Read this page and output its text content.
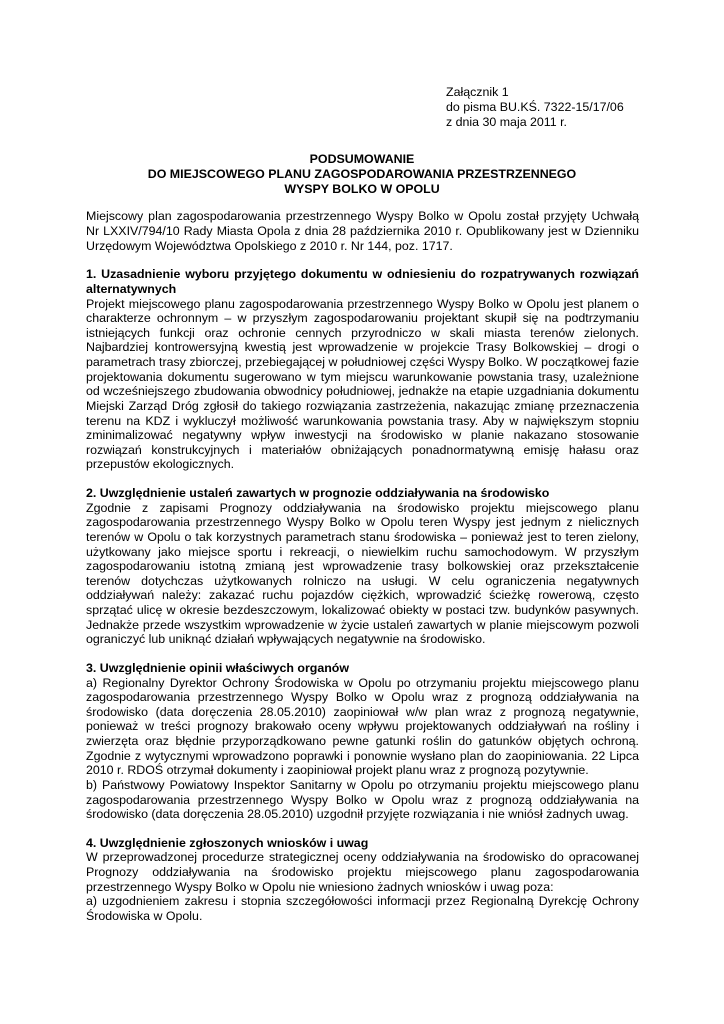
Załącznik 1
do pisma BU.KŚ. 7322-15/17/06
z dnia 30 maja 2011 r.
PODSUMOWANIE
DO MIEJSCOWEGO PLANU ZAGOSPODAROWANIA PRZESTRZENNEGO
WYSPY BOLKO W OPOLU

Miejscowy plan zagospodarowania przestrzennego Wyspy Bolko w Opolu został przyjęty Uchwałą Nr LXXIV/794/10 Rady Miasta Opola z dnia 28 października 2010 r. Opublikowany jest w Dzienniku Urzędowym Województwa Opolskiego z 2010 r. Nr 144, poz. 1717.

1. Uzasadnienie wyboru przyjętego dokumentu w odniesieniu do rozpatrywanych rozwiązań alternatywnych

Projekt miejscowego planu zagospodarowania przestrzennego Wyspy Bolko w Opolu jest planem o charakterze ochronnym – w przyszłym zagospodarowaniu projektant skupił się na podtrzymaniu istniejących funkcji oraz ochronie cennych przyrodniczo w skali miasta terenów zielonych. Najbardziej kontrowersyjną kwestią jest wprowadzenie w projekcie Trasy Bolkowskiej – drogi o parametrach trasy zbiorczej, przebiegającej w południowej części Wyspy Bolko. W początkowej fazie projektowania dokumentu sugerowano w tym miejscu warunkowanie powstania trasy, uzależnione od wcześniejszego zbudowania obwodnicy południowej, jednakże na etapie uzgadniania dokumentu Miejski Zarząd Dróg zgłosił do takiego rozwiązania zastrzeżenia, nakazując zmianę przeznaczenia terenu na KDZ i wykluczył możliwość warunkowania powstania trasy. Aby w największym stopniu zminimalizować negatywny wpływ inwestycji na środowisko w planie nakazano stosowanie rozwiązań konstrukcyjnych i materiałów obniżających ponadnormatywną emisję hałasu oraz przepustów ekologicznych.

2. Uwzględnienie ustaleń zawartych w prognozie oddziaływania na środowisko

Zgodnie z zapisami Prognozy oddziaływania na środowisko projektu miejscowego planu zagospodarowania przestrzennego Wyspy Bolko w Opolu teren Wyspy jest jednym z nielicznych terenów w Opolu o tak korzystnych parametrach stanu środowiska – ponieważ jest to teren zielony, użytkowany jako miejsce sportu i rekreacji, o niewielkim ruchu samochodowym. W przyszłym zagospodarowaniu istotną zmianą jest wprowadzenie trasy bolkowskiej oraz przekształcenie terenów dotychczas użytkowanych rolniczo na usługi. W celu ograniczenia negatywnych oddziaływań należy: zakazać ruchu pojazdów ciężkich, wprowadzić ścieżkę rowerową, często sprzątać ulicę w okresie bezdeszczowym, lokalizować obiekty w postaci tzw. budynków pasywnych. Jednakże przede wszystkim wprowadzenie w życie ustaleń zawartych w planie miejscowym pozwoli ograniczyć lub uniknąć działań wpływających negatywnie na środowisko.

3. Uwzględnienie opinii właściwych organów

a) Regionalny Dyrektor Ochrony Środowiska w Opolu po otrzymaniu projektu miejscowego planu zagospodarowania przestrzennego Wyspy Bolko w Opolu wraz z prognozą oddziaływania na środowisko (data doręczenia 28.05.2010) zaopiniował w/w plan wraz z prognozą negatywnie, ponieważ w treści prognozy brakowało oceny wpływu projektowanych oddziaływań na rośliny i zwierzęta oraz błędnie przyporządkowano pewne gatunki roślin do gatunków objętych ochroną. Zgodnie z wytycznymi wprowadzono poprawki i ponownie wysłano plan do zaopiniowania. 22 Lipca 2010 r. RDOŚ otrzymał dokumenty i zaopiniował projekt planu wraz z prognozą pozytywnie.

b) Państwowy Powiatowy Inspektor Sanitarny w Opolu po otrzymaniu projektu miejscowego planu zagospodarowania przestrzennego Wyspy Bolko w Opolu wraz z prognozą oddziaływania na środowisko (data doręczenia 28.05.2010) uzgodnił przyjęte rozwiązania i nie wniósł żadnych uwag.

4. Uwzględnienie zgłoszonych wniosków i uwag

W przeprowadzonej procedurze strategicznej oceny oddziaływania na środowisko do opracowanej Prognozy oddziaływania na środowisko projektu miejscowego planu zagospodarowania przestrzennego Wyspy Bolko w Opolu nie wniesiono żadnych wniosków i uwag poza:

a) uzgodnieniem zakresu i stopnia szczegółowości informacji przez Regionalną Dyrekcję Ochrony Środowiska w Opolu.
